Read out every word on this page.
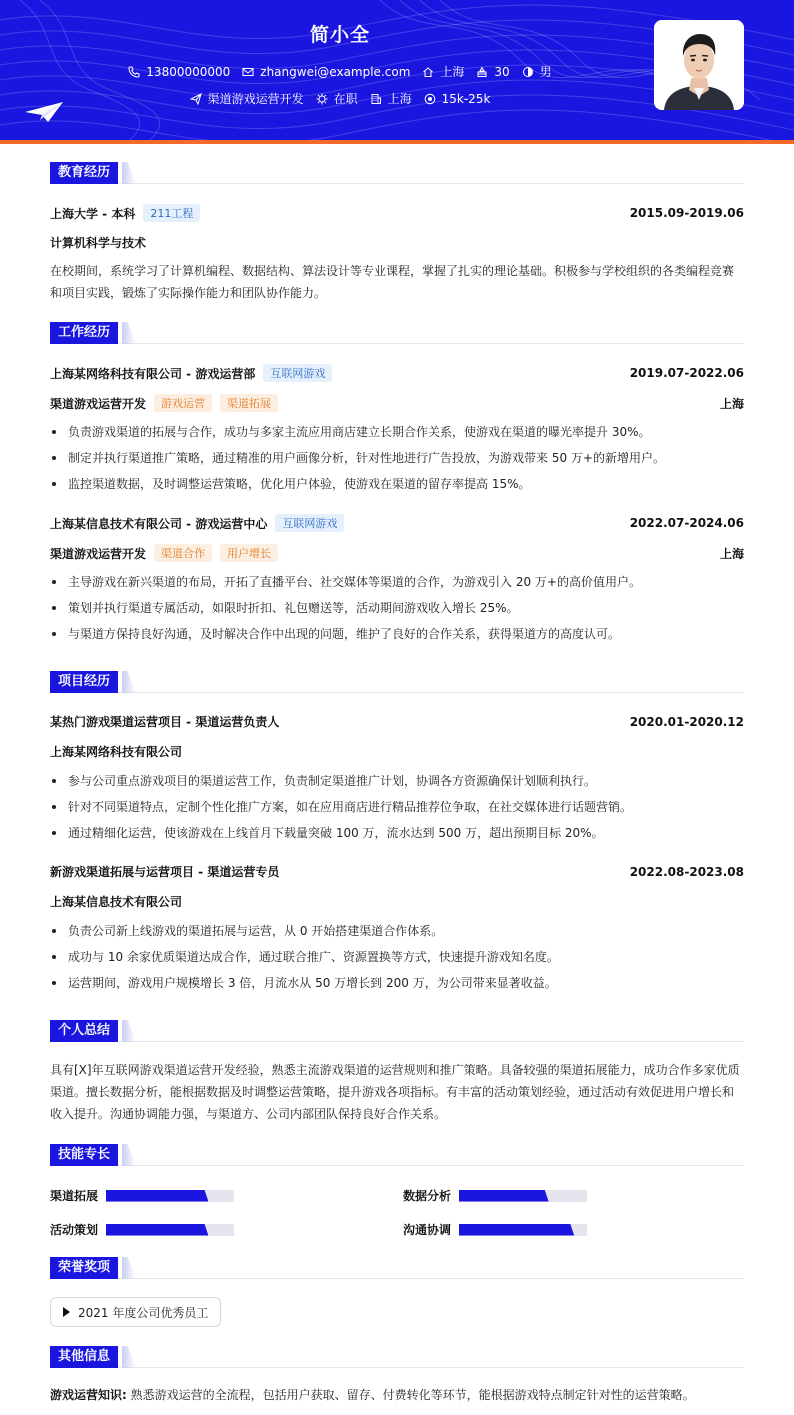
简小全
13800000000	zhangwei@example.com	上海	30	男
渠道游戏运营开发	在职	上海	15k-25k
教育经历
上海大学 - 本科	211工程	2015.09-2019.06
计算机科学与技术
在校期间，系统学习了计算机编程、数据结构、算法设计等专业课程，掌握了扎实的理论基础。积极参与学校组织的各类编程竞赛和项目实践，锻炼了实际操作能力和团队协作能力。
工作经历
上海某网络科技有限公司 - 游戏运营部	互联网游戏	2019.07-2022.06
渠道游戏运营开发	游戏运营	渠道拓展	上海
负责游戏渠道的拓展与合作，成功与多家主流应用商店建立长期合作关系，使游戏在渠道的曝光率提升 30%。
制定并执行渠道推广策略，通过精准的用户画像分析，针对性地进行广告投放，为游戏带来 50 万+的新增用户。
监控渠道数据，及时调整运营策略，优化用户体验，使游戏在渠道的留存率提高 15%。
上海某信息技术有限公司 - 游戏运营中心	互联网游戏	2022.07-2024.06
渠道游戏运营开发	渠道合作	用户增长	上海
主导游戏在新兴渠道的布局，开拓了直播平台、社交媒体等渠道的合作，为游戏引入 20 万+的高价值用户。
策划并执行渠道专属活动，如限时折扣、礼包赠送等，活动期间游戏收入增长 25%。
与渠道方保持良好沟通，及时解决合作中出现的问题，维护了良好的合作关系，获得渠道方的高度认可。
项目经历
某热门游戏渠道运营项目 - 渠道运营负责人	2020.01-2020.12
上海某网络科技有限公司
参与公司重点游戏项目的渠道运营工作，负责制定渠道推广计划，协调各方资源确保计划顺利执行。
针对不同渠道特点，定制个性化推广方案，如在应用商店进行精品推荐位争取，在社交媒体进行话题营销。
通过精细化运营，使该游戏在上线首月下载量突破 100 万，流水达到 500 万，超出预期目标 20%。
新游戏渠道拓展与运营项目 - 渠道运营专员	2022.08-2023.08
上海某信息技术有限公司
负责公司新上线游戏的渠道拓展与运营，从 0 开始搭建渠道合作体系。
成功与 10 余家优质渠道达成合作，通过联合推广、资源置换等方式，快速提升游戏知名度。
运营期间，游戏用户规模增长 3 倍，月流水从 50 万增长到 200 万，为公司带来显著收益。
个人总结
具有[X]年互联网游戏渠道运营开发经验，熟悉主流游戏渠道的运营规则和推广策略。具备较强的渠道拓展能力，成功合作多家优质渠道。擅长数据分析，能根据数据及时调整运营策略，提升游戏各项指标。有丰富的活动策划经验，通过活动有效促进用户增长和收入提升。沟通协调能力强，与渠道方、公司内部团队保持良好合作关系。
技能专长
渠道拓展	数据分析
活动策划	沟通协调
荣誉奖项
2021 年度公司优秀员工
其他信息
游戏运营知识: 熟悉游戏运营的全流程，包括用户获取、留存、付费转化等环节，能根据游戏特点制定针对性的运营策略。
